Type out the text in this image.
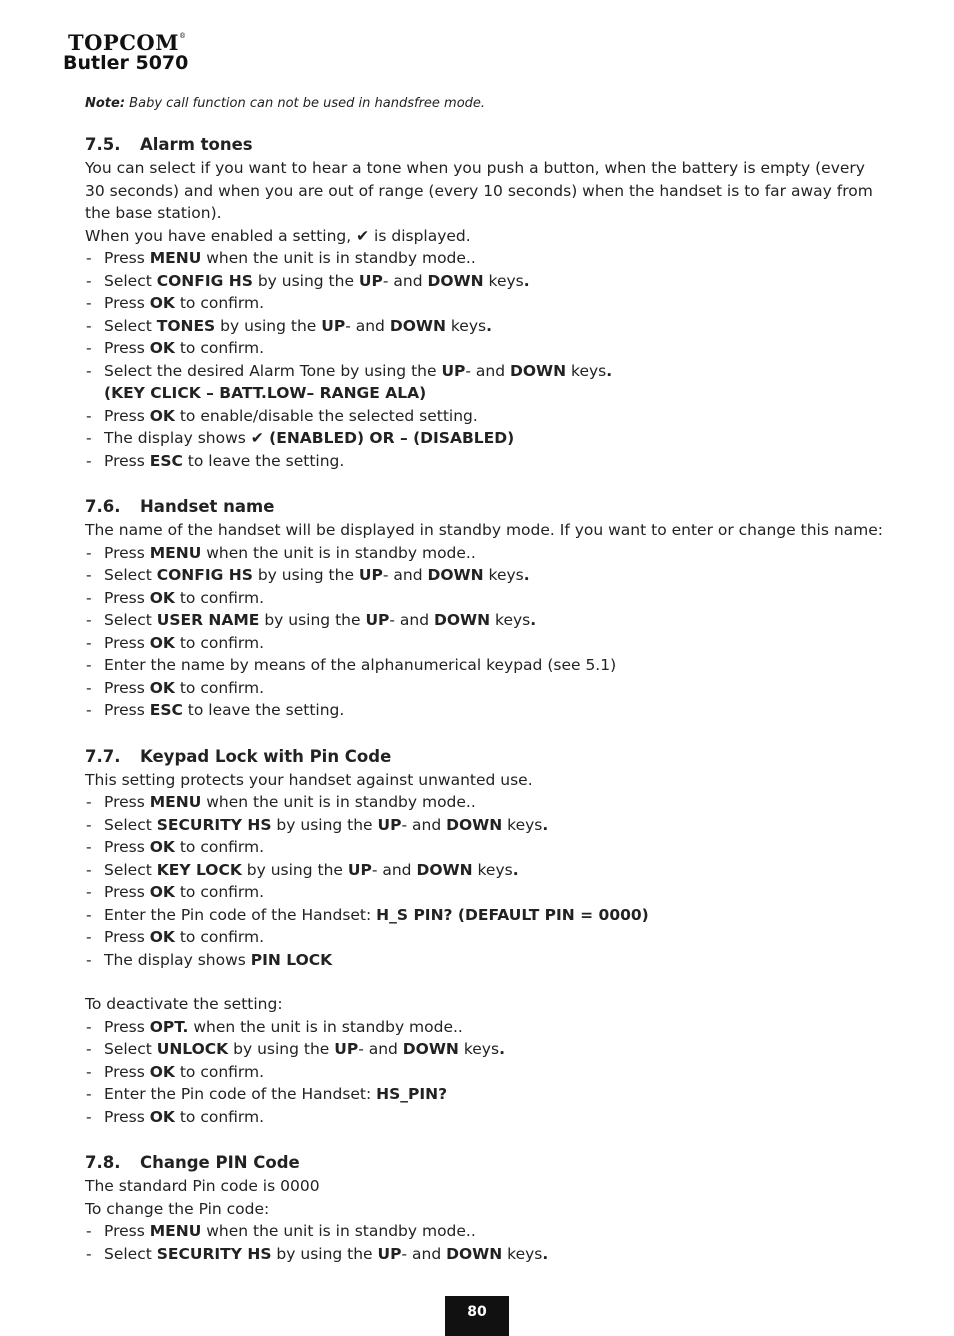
TOPCOM®
Butler 5070
Note: Baby call function can not be used in handsfree mode.
7.5. Alarm tones

You can select if you want to hear a tone when you push a button, when the battery is empty (every 30 seconds) and when you are out of range (every 10 seconds) when the handset is to far away from the base station).

When you have enabled a setting, ✔ is displayed.

- Press MENU when the unit is in standby mode..
- Select CONFIG HS by using the UP- and DOWN keys.
- Press OK to confirm.
- Select TONES by using the UP- and DOWN keys.
- Press OK to confirm.
- Select the desired Alarm Tone by using the UP- and DOWN keys.
(KEY CLICK – BATT.LOW– RANGE ALA)
- Press OK to enable/disable the selected setting.
- The display shows ✔ (ENABLED) OR – (DISABLED)
- Press ESC to leave the setting.
7.6. Handset name

The name of the handset will be displayed in standby mode. If you want to enter or change this name:

- Press MENU when the unit is in standby mode..
- Select CONFIG HS by using the UP- and DOWN keys.
- Press OK to confirm.
- Select USER NAME by using the UP- and DOWN keys.
- Press OK to confirm.
- Enter the name by means of the alphanumerical keypad (see 5.1)
- Press OK to confirm.
- Press ESC to leave the setting.
7.7. Keypad Lock with Pin Code

This setting protects your handset against unwanted use.

- Press MENU when the unit is in standby mode..
- Select SECURITY HS by using the UP- and DOWN keys.
- Press OK to confirm.
- Select KEY LOCK by using the UP- and DOWN keys.
- Press OK to confirm.
- Enter the Pin code of the Handset: H_S PIN? (DEFAULT PIN = 0000)
- Press OK to confirm.
- The display shows PIN LOCK

To deactivate the setting:

- Press OPT. when the unit is in standby mode..
- Select UNLOCK by using the UP- and DOWN keys.
- Press OK to confirm.
- Enter the Pin code of the Handset: HS_PIN?
- Press OK to confirm.
7.8. Change PIN Code

The standard Pin code is 0000

To change the Pin code:

- Press MENU when the unit is in standby mode..
- Select SECURITY HS by using the UP- and DOWN keys.
80
